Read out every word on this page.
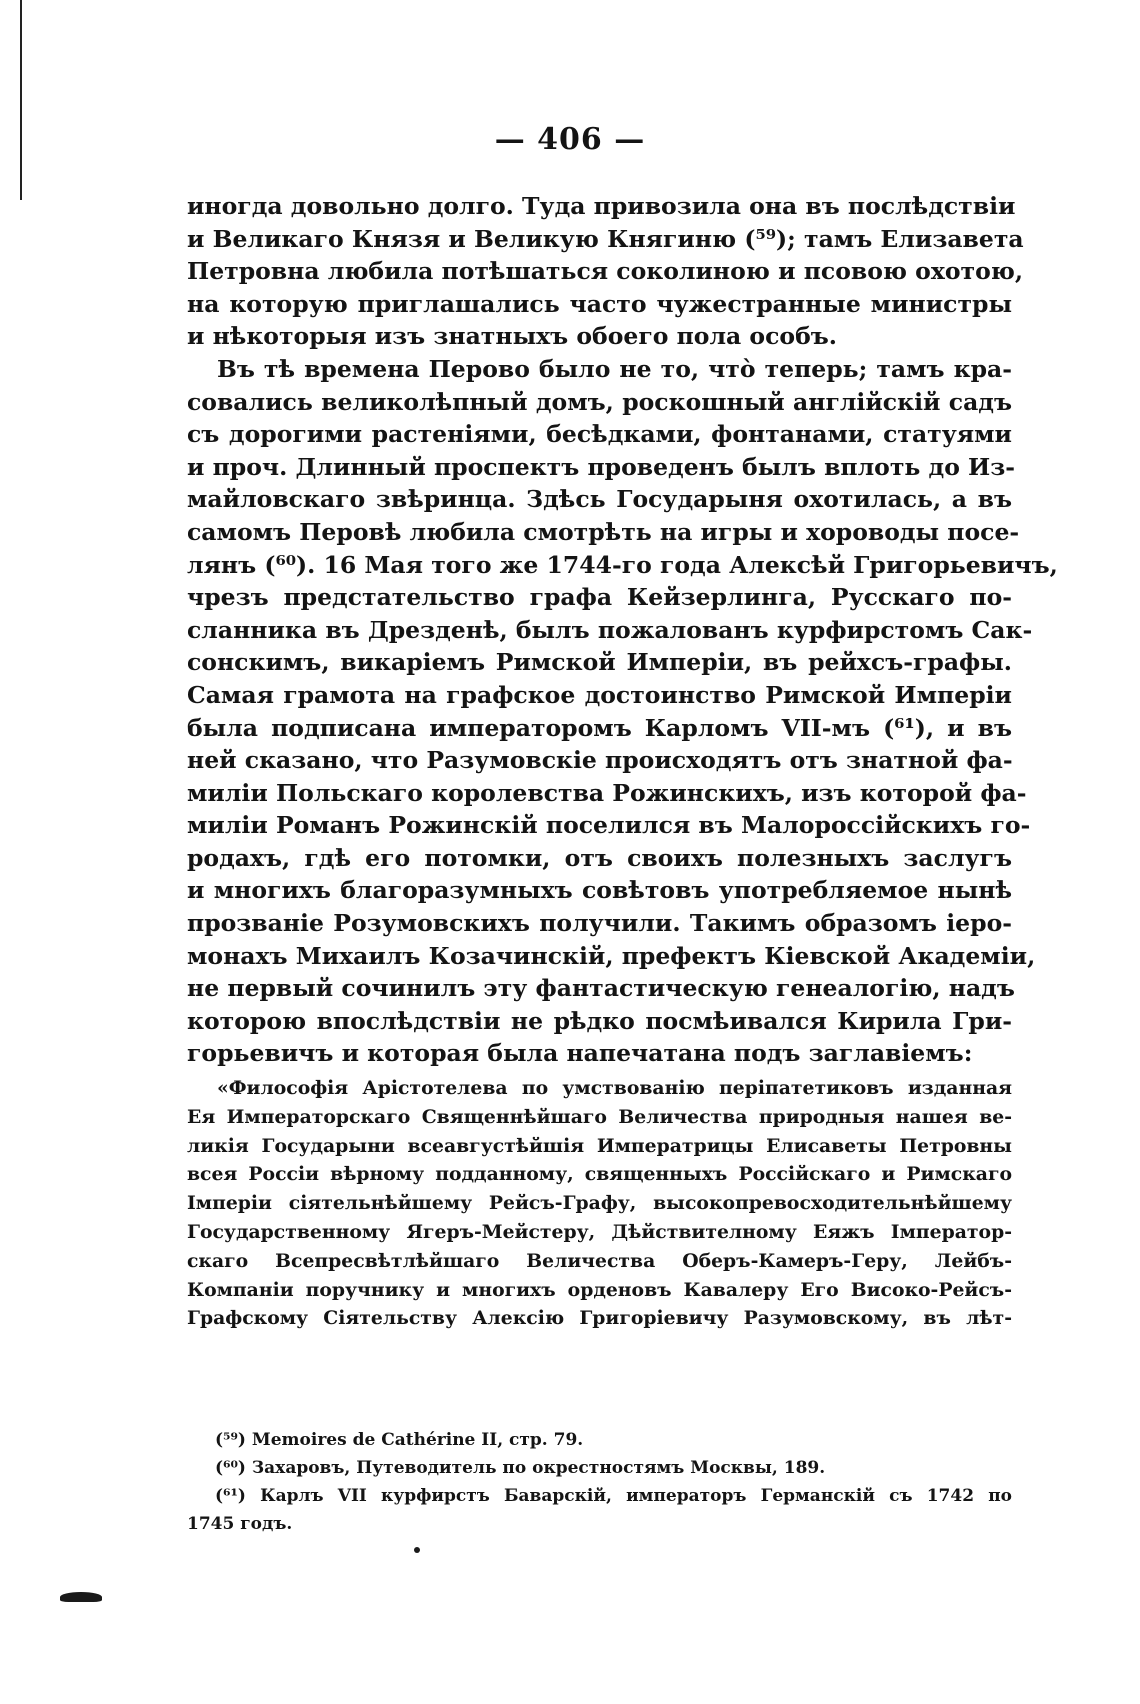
— 406 —
иногда довольно долго. Туда привозила она въ послѣдствіи
и Великаго Князя и Великую Княгиню (⁵⁹); тамъ Елизавета
Петровна любила потѣшаться соколиною и псовою охотою,
на которую приглашались часто чужестранные министры
и нѣкоторыя изъ знатныхъ обоего пола особъ.
Въ тѣ времена Перово было не то, что̀ теперь; тамъ кра-
совались великолѣпный домъ, роскошный англійскій садъ
съ дорогими растеніями, бесѣдками, фонтанами, статуями
и проч. Длинный проспектъ проведенъ былъ вплоть до Из-
майловскаго звѣринца. Здѣсь Государыня охотилась, а въ
самомъ Перовѣ любила смотрѣть на игры и хороводы посе-
лянъ (⁶⁰). 16 Мая того же 1744-го года Алексѣй Григорьевичъ,
чрезъ предстательство графа Кейзерлинга, Русскаго по-
сланника въ Дрезденѣ, былъ пожалованъ курфирстомъ Сак-
сонскимъ, викаріемъ Римской Имперіи, въ рейхсъ-графы.
Самая грамота на графское достоинство Римской Имперіи
была подписана императоромъ Карломъ VII-мъ (⁶¹), и въ
ней сказано, что Разумовскіе происходятъ отъ знатной фа-
миліи Польскаго королевства Рожинскихъ, изъ которой фа-
миліи Романъ Рожинскій поселился въ Малороссійскихъ го-
родахъ, гдѣ его потомки, отъ своихъ полезныхъ заслугъ
и многихъ благоразумныхъ совѣтовъ употребляемое нынѣ
прозваніе Розумовскихъ получили. Такимъ образомъ іеро-
монахъ Михаилъ Козачинскій, префектъ Кіевской Академіи,
не первый сочинилъ эту фантастическую генеалогію, надъ
которою впослѣдствіи не рѣдко посмѣивался Кирила Гри-
горьевичъ и которая была напечатана подъ заглавіемъ:
«Философія Арістотелева по умствованію періпатетиковъ изданная
Ея Императорскаго Священнѣйшаго Величества природныя нашея ве-
ликія Государыни всеавгустѣйшія Императрицы Елисаветы Петровны
всея Россіи вѣрному подданному, священныхъ Россійскаго и Римскаго
Імперіи сіятельнѣйшему Рейсъ-Графу, высокопревосходительнѣйшему
Государственному Ягеръ-Мейстеру, Дѣйствителному Еяжъ Імператор-
скаго Всепресвѣтлѣйшаго Величества Оберъ-Камеръ-Геру, Лейбъ-
Компаніи поручнику и многихъ орденовъ Кавалеру Его Високо-Рейсъ-
Графскому Сіятельству Алексію Григоріевичу Разумовскому, въ лѣт-
(⁵⁹) Memoires de Cathérine II, стр. 79.
(⁶⁰) Захаровъ, Путеводитель по окрестностямъ Москвы, 189.
(⁶¹) Карлъ VII курфирстъ Баварскій, императоръ Германскій съ 1742 по
1745 годъ.
